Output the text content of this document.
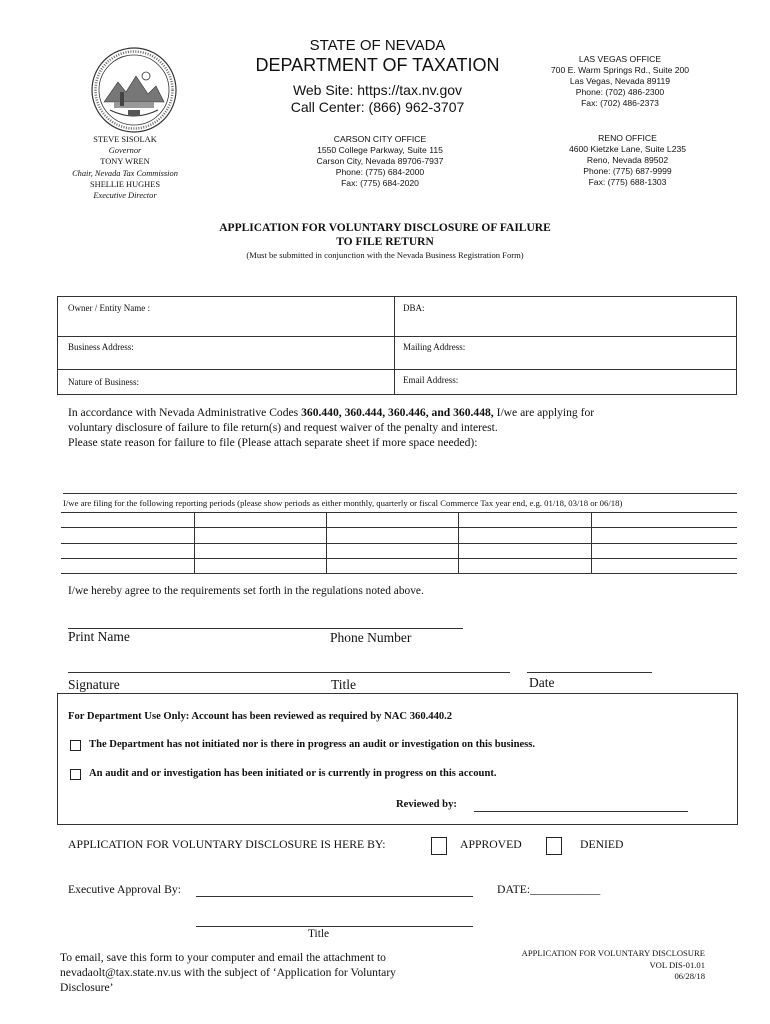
STATE OF NEVADA
DEPARTMENT OF TAXATION
Web Site: https://tax.nv.gov
Call Center: (866) 962-3707
LAS VEGAS OFFICE
700 E. Warm Springs Rd., Suite 200
Las Vegas, Nevada 89119
Phone: (702) 486-2300
Fax: (702) 486-2373
CARSON CITY OFFICE
1550 College Parkway, Suite 115
Carson City, Nevada 89706-7937
Phone: (775) 684-2000
Fax: (775) 684-2020
RENO OFFICE
4600 Kietzke Lane, Suite L235
Reno, Nevada 89502
Phone: (775) 687-9999
Fax: (775) 688-1303
STEVE SISOLAK
Governor
TONY WREN
Chair, Nevada Tax Commission
SHELLIE HUGHES
Executive Director
APPLICATION FOR VOLUNTARY DISCLOSURE OF FAILURE
TO FILE RETURN
(Must be submitted in conjunction with the Nevada Business Registration Form)
Owner / Entity Name :	DBA:
Business Address:	Mailing Address:
Nature of Business:	Email Address:
In accordance with Nevada Administrative Codes 360.440, 360.444, 360.446, and 360.448, I/we are applying for
voluntary disclosure of failure to file return(s) and request waiver of the penalty and interest.
Please state reason for failure to file (Please attach separate sheet if more space needed):
I/we are filing for the following reporting periods (please show periods as either monthly, quarterly or fiscal Commerce Tax year end, e.g. 01/18, 03/18 or 06/18)
I/we hereby agree to the requirements set forth in the regulations noted above.
Print Name	Phone Number
Signature	Title	Date
For Department Use Only: Account has been reviewed as required by NAC 360.440.2
The Department has not initiated nor is there in progress an audit or investigation on this business.
An audit and or investigation has been initiated or is currently in progress on this account.
Reviewed by:
APPLICATION FOR VOLUNTARY DISCLOSURE IS HERE BY:	APPROVED	DENIED
Executive Approval By:	DATE:____________
Title
To email, save this form to your computer and email the attachment to nevadaolt@tax.state.nv.us with the subject of ‘Application for Voluntary Disclosure’
APPLICATION FOR VOLUNTARY DISCLOSURE
VOL DIS-01.01
06/28/18
